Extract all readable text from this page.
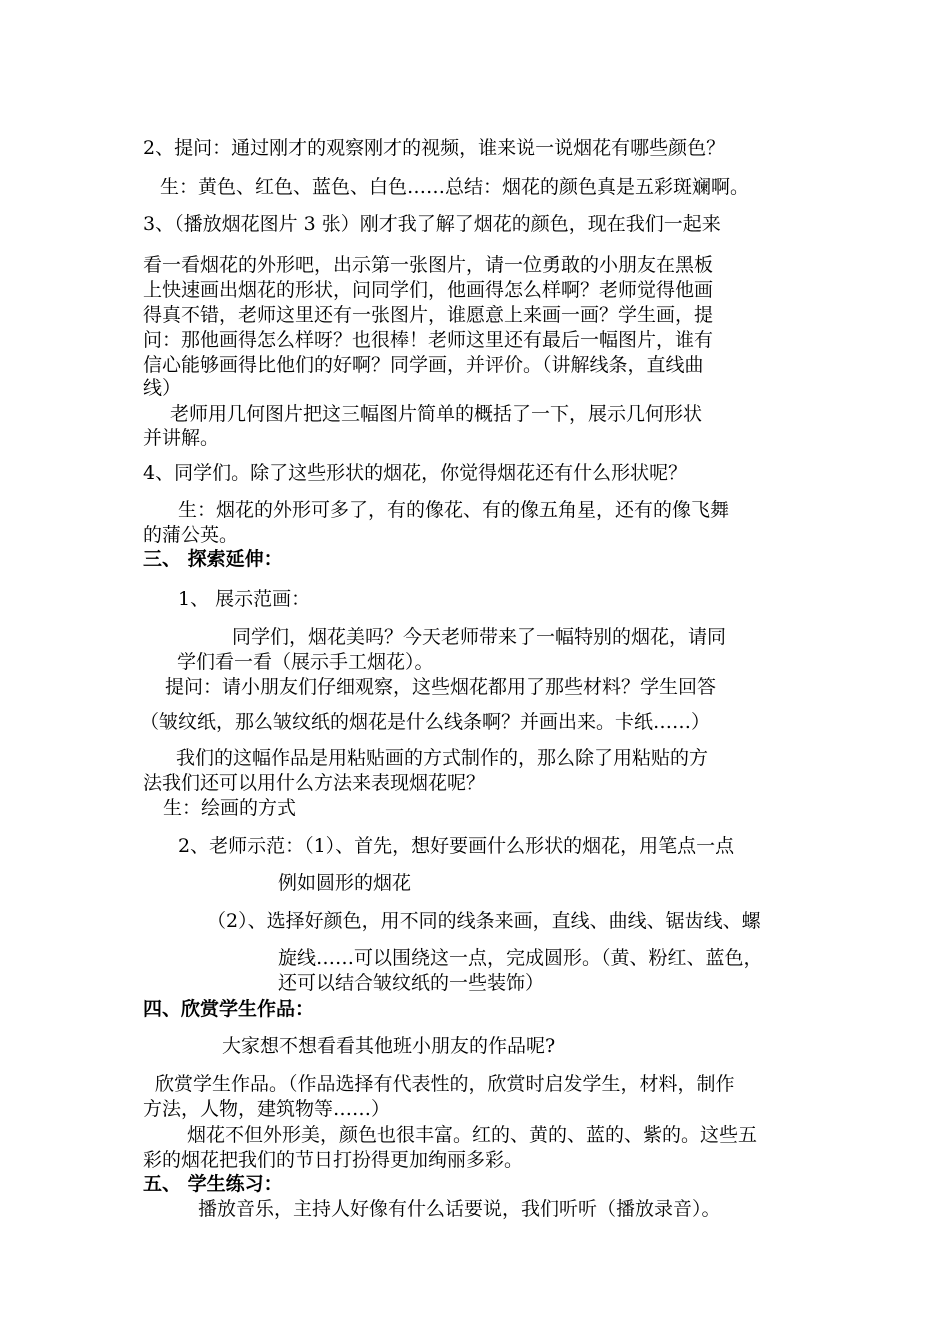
2、提问：通过刚才的观察刚才的视频，谁来说一说烟花有哪些颜色？

生：黄色、红色、蓝色、白色……总结：烟花的颜色真是五彩斑斓啊。

3、（播放烟花图片 3 张）刚才我了解了烟花的颜色，现在我们一起来

看一看烟花的外形吧，出示第一张图片，请一位勇敢的小朋友在黑板

上快速画出烟花的形状，问同学们，他画得怎么样啊？老师觉得他画

得真不错，老师这里还有一张图片，谁愿意上来画一画？学生画，提

问：那他画得怎么样呀？也很棒！老师这里还有最后一幅图片，谁有

信心能够画得比他们的好啊？同学画，并评价。（讲解线条，直线曲

线）

老师用几何图片把这三幅图片简单的概括了一下，展示几何形状

并讲解。

4、同学们。除了这些形状的烟花，你觉得烟花还有什么形状呢？

生：烟花的外形可多了，有的像花、有的像五角星，还有的像飞舞

的蒲公英。

三、 探索延伸：

1、 展示范画：

同学们，烟花美吗？今天老师带来了一幅特别的烟花，请同

学们看一看（展示手工烟花）。

提问：请小朋友们仔细观察，这些烟花都用了那些材料？学生回答

（皱纹纸，那么皱纹纸的烟花是什么线条啊？并画出来。卡纸……）

我们的这幅作品是用粘贴画的方式制作的，那么除了用粘贴的方

法我们还可以用什么方法来表现烟花呢？

生：绘画的方式

2、老师示范：（1）、首先，想好要画什么形状的烟花，用笔点一点

例如圆形的烟花

（2）、选择好颜色，用不同的线条来画，直线、曲线、锯齿线、螺

旋线……可以围绕这一点，完成圆形。（黄、粉红、蓝色，

还可以结合皱纹纸的一些装饰）

四、欣赏学生作品：

大家想不想看看其他班小朋友的作品呢?

欣赏学生作品。（作品选择有代表性的，欣赏时启发学生，材料，制作

方法，人物，建筑物等……）

烟花不但外形美，颜色也很丰富。红的、黄的、蓝的、紫的。这些五

彩的烟花把我们的节日打扮得更加绚丽多彩。

五、 学生练习：

播放音乐，主持人好像有什么话要说，我们听听（播放录音）。
